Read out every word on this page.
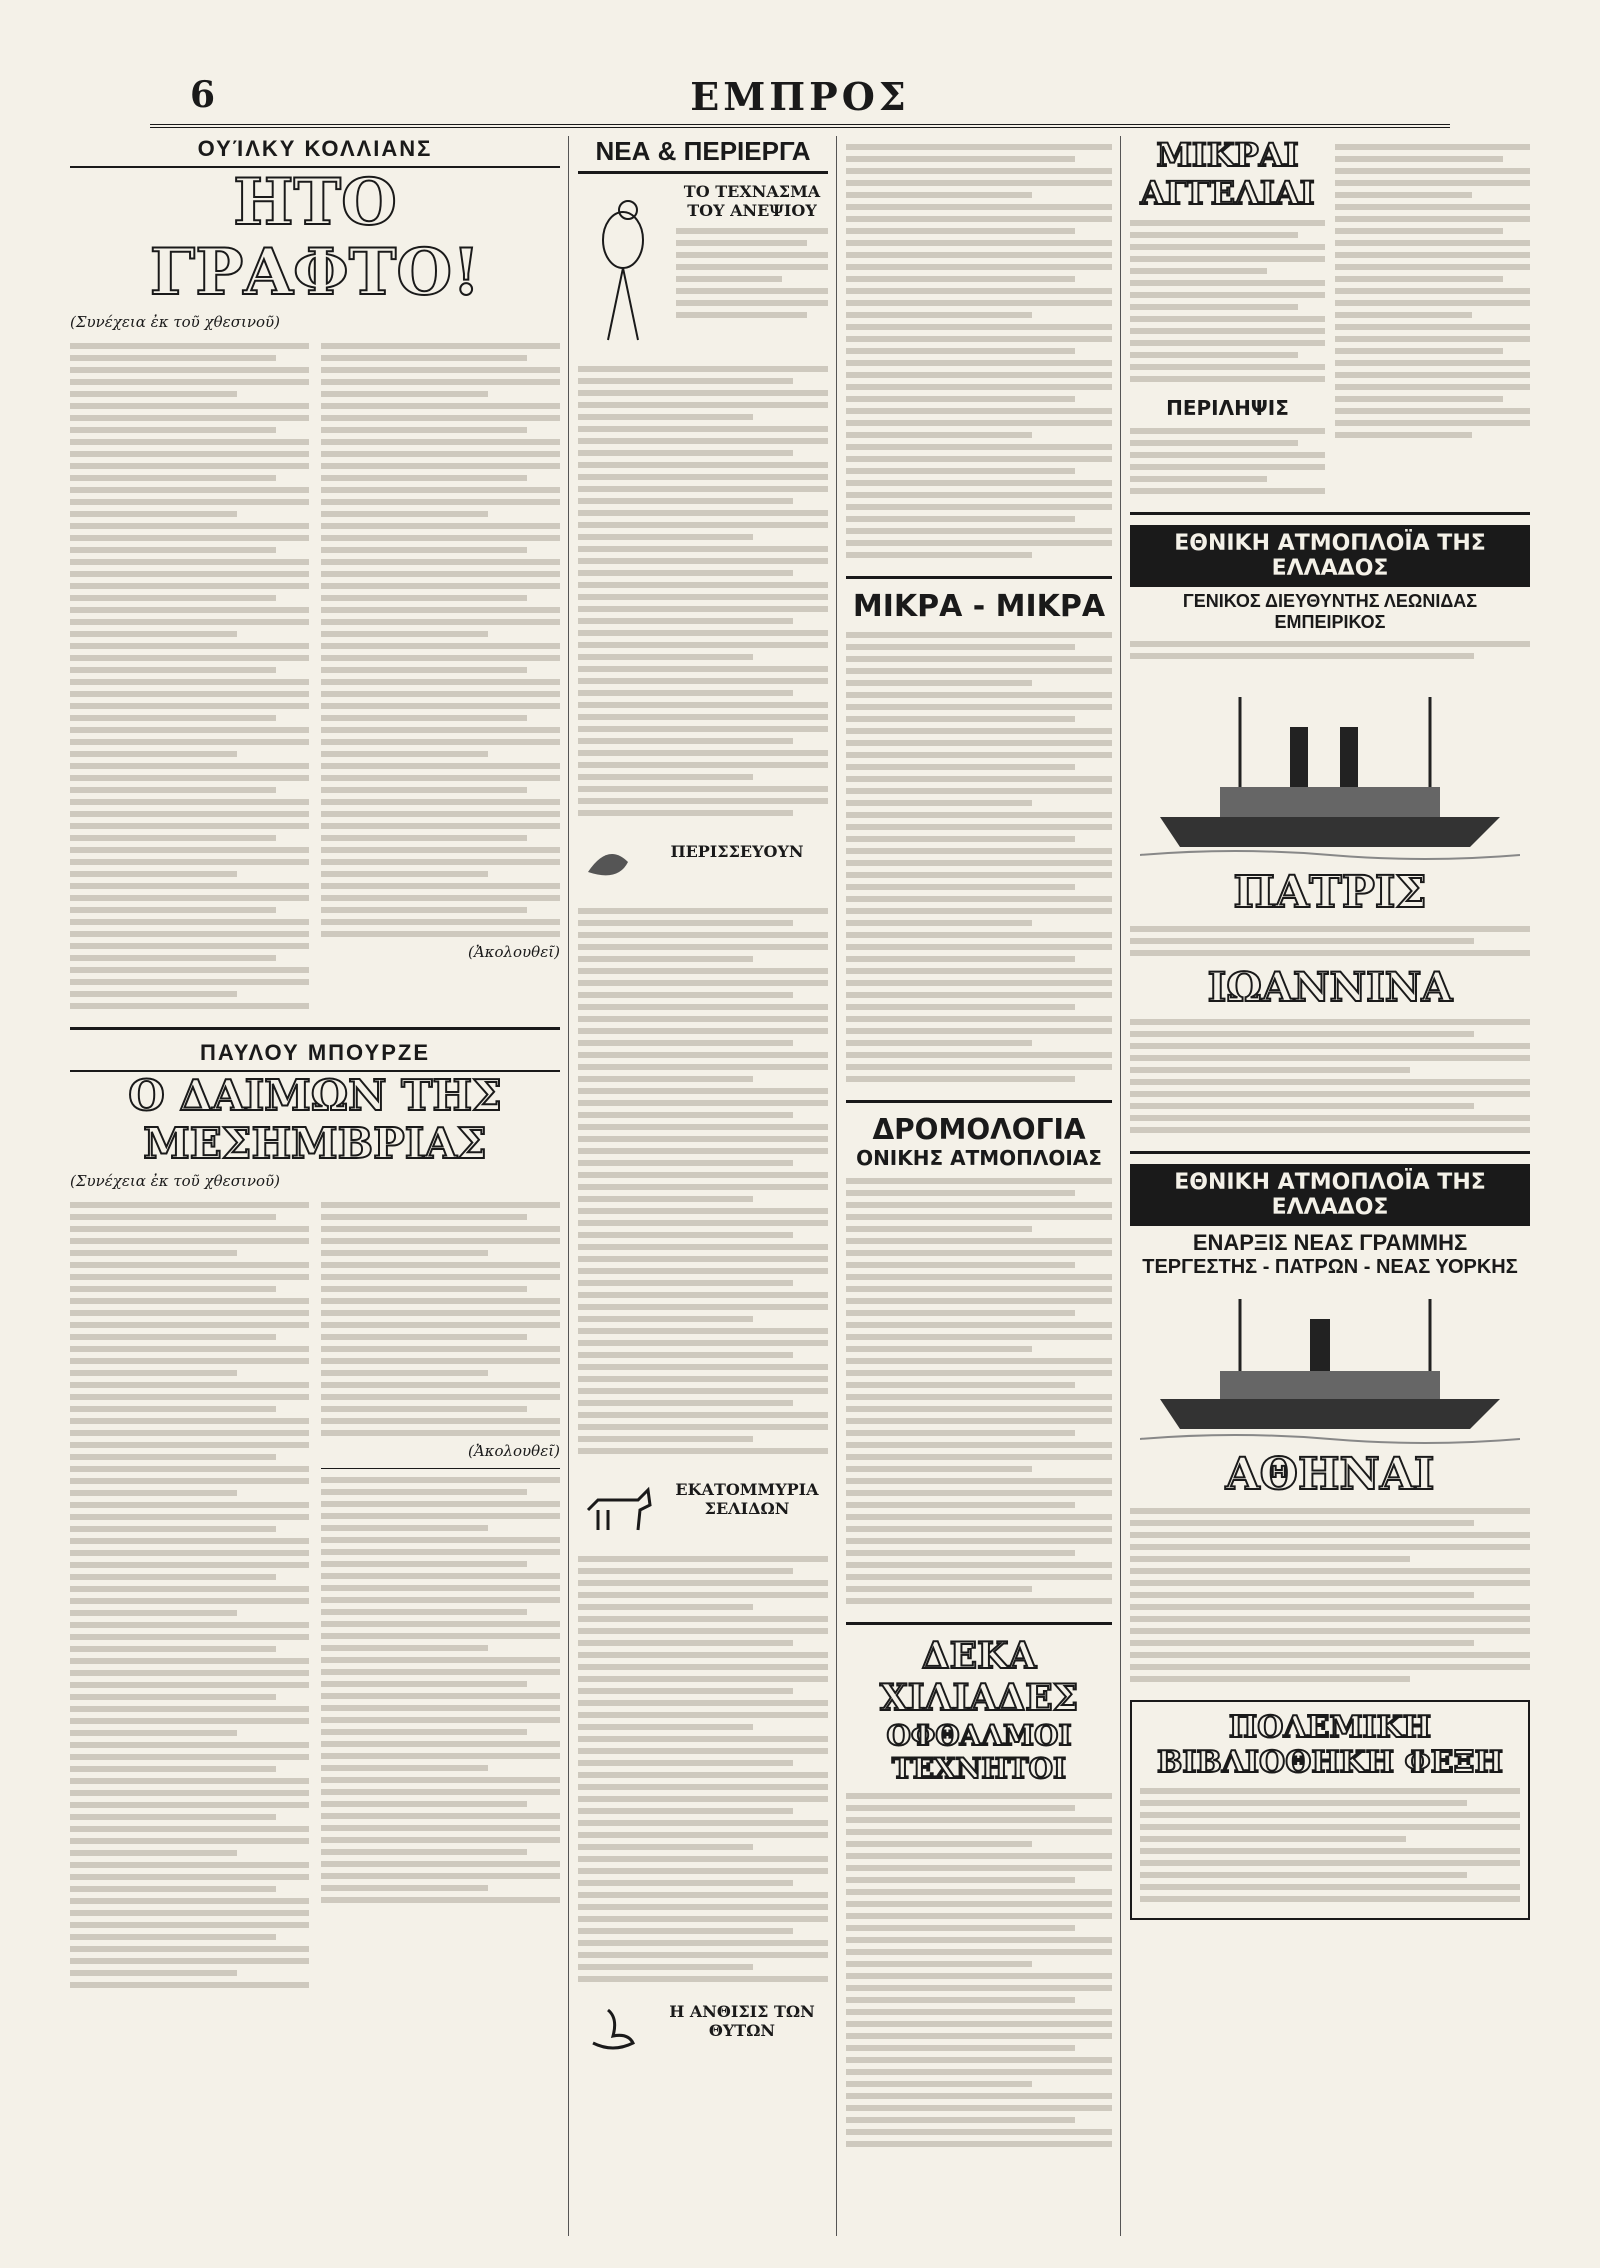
6	ΕΜΠΡΟΣ
ΟΥΊΛΚΥ ΚΟΛΛΙΑΝΣ
ΗΤΟ ΓΡΑΦΤΟ!
(Συνέχεια ἐκ τοῦ χθεσινοῦ)
(Ἀκολουθεῖ)
ΠΑΥΛΟΥ ΜΠΟΥΡΖΕ
Ο ΔΑΙΜΩΝ ΤΗΣ ΜΕΣΗΜΒΡΙΑΣ
(Συνέχεια ἐκ τοῦ χθεσινοῦ)
(Ἀκολουθεῖ)
ΝΕΑ & ΠΕΡΙΕΡΓΑ
ΤΟ ΤΕΧΝΑΣΜΑ ΤΟΥ ΑΝΕΨΙΟΥ
ΠΕΡΙΣΣΕΥΟΥΝ
ΕΚΑΤΟΜΜΥΡΙΑ ΣΕΛΙΔΩΝ
Η ΑΝΘΙΣΙΣ ΤΩΝ ΘΥΤΩΝ
ΜΙΚΡΑ - ΜΙΚΡΑ
ΔΡΟΜΟΛΟΓΙΑ
ΟΝΙΚΗΣ ΑΤΜΟΠΛΟΙΑΣ
ΔΕΚΑ ΧΙΛΙΑΔΕΣ
ΟΦΘΑΛΜΟΙ ΤΕΧΝΗΤΟΙ
ΜΙΚΡΑΙ ΑΓΓΕΛΙΑΙ
ΠΕΡΙΛΗΨΙΣ
ΕΘΝΙΚΗ ΑΤΜΟΠΛΟΪΑ ΤΗΣ ΕΛΛΑΔΟΣ
ΓΕΝΙΚΟΣ ΔΙΕΥΘΥΝΤΗΣ ΛΕΩΝΙΔΑΣ ΕΜΠΕΙΡΙΚΟΣ
ΠΑΤΡΙΣ
ΙΩΑΝΝΙΝΑ
ΕΘΝΙΚΗ ΑΤΜΟΠΛΟΪΑ ΤΗΣ ΕΛΛΑΔΟΣ
ΕΝΑΡΞΙΣ ΝΕΑΣ ΓΡΑΜΜΗΣ
ΤΕΡΓΕΣΤΗΣ - ΠΑΤΡΩΝ - ΝΕΑΣ ΥΟΡΚΗΣ
ΑΘΗΝΑΙ
ΠΟΛΕΜΙΚΗ ΒΙΒΛΙΟΘΗΚΗ ΦΕΞΗ
